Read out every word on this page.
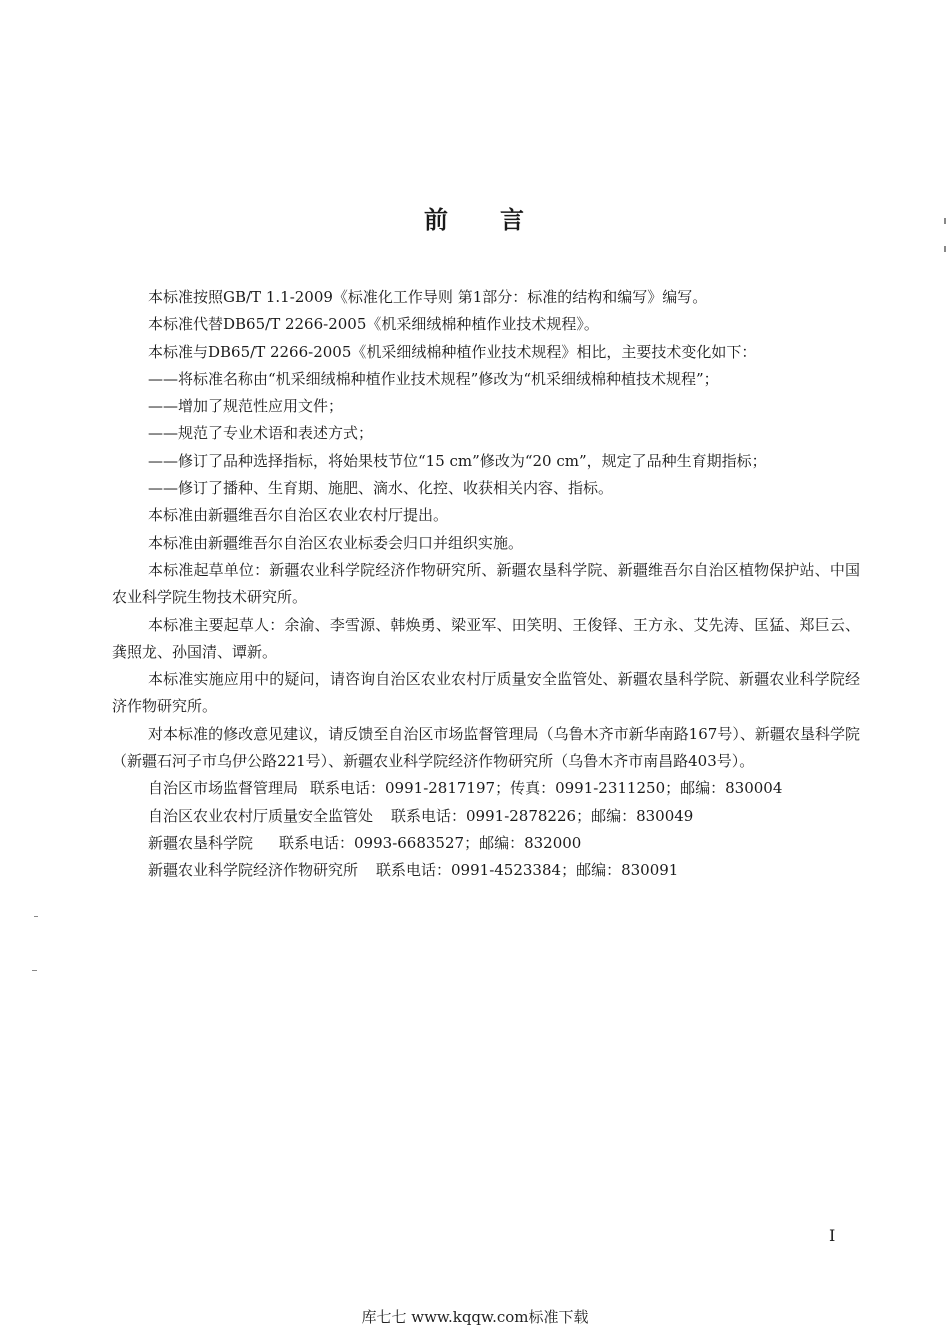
前 言

本标准按照GB/T 1.1-2009《标准化工作导则 第1部分：标准的结构和编写》编写。

本标准代替DB65/T 2266-2005《机采细绒棉种植作业技术规程》。

本标准与DB65/T 2266-2005《机采细绒棉种植作业技术规程》相比，主要技术变化如下：

——将标准名称由“机采细绒棉种植作业技术规程”修改为“机采细绒棉种植技术规程”；

——增加了规范性应用文件；

——规范了专业术语和表述方式；

——修订了品种选择指标，将始果枝节位“15 cm”修改为“20 cm”，规定了品种生育期指标；

——修订了播种、生育期、施肥、滴水、化控、收获相关内容、指标。

本标准由新疆维吾尔自治区农业农村厅提出。

本标准由新疆维吾尔自治区农业标委会归口并组织实施。

本标准起草单位：新疆农业科学院经济作物研究所、新疆农垦科学院、新疆维吾尔自治区植物保护站、中国农业科学院生物技术研究所。

本标准主要起草人：余渝、李雪源、韩焕勇、梁亚军、田笑明、王俊铎、王方永、艾先涛、匡猛、郑巨云、龚照龙、孙国清、谭新。

本标准实施应用中的疑问，请咨询自治区农业农村厅质量安全监管处、新疆农垦科学院、新疆农业科学院经济作物研究所。

对本标准的修改意见建议，请反馈至自治区市场监督管理局（乌鲁木齐市新华南路167号）、新疆农垦科学院（新疆石河子市乌伊公路221号）、新疆农业科学院经济作物研究所（乌鲁木齐市南昌路403号）。

自治区市场监督管理局 联系电话：0991-2817197；传真：0991-2311250；邮编：830004
自治区农业农村厅质量安全监管处 联系电话：0991-2878226；邮编：830049
新疆农垦科学院 联系电话：0993-6683527；邮编：832000
新疆农业科学院经济作物研究所 联系电话：0991-4523384；邮编：830091
I
库七七 www.kqqw.com标准下载
